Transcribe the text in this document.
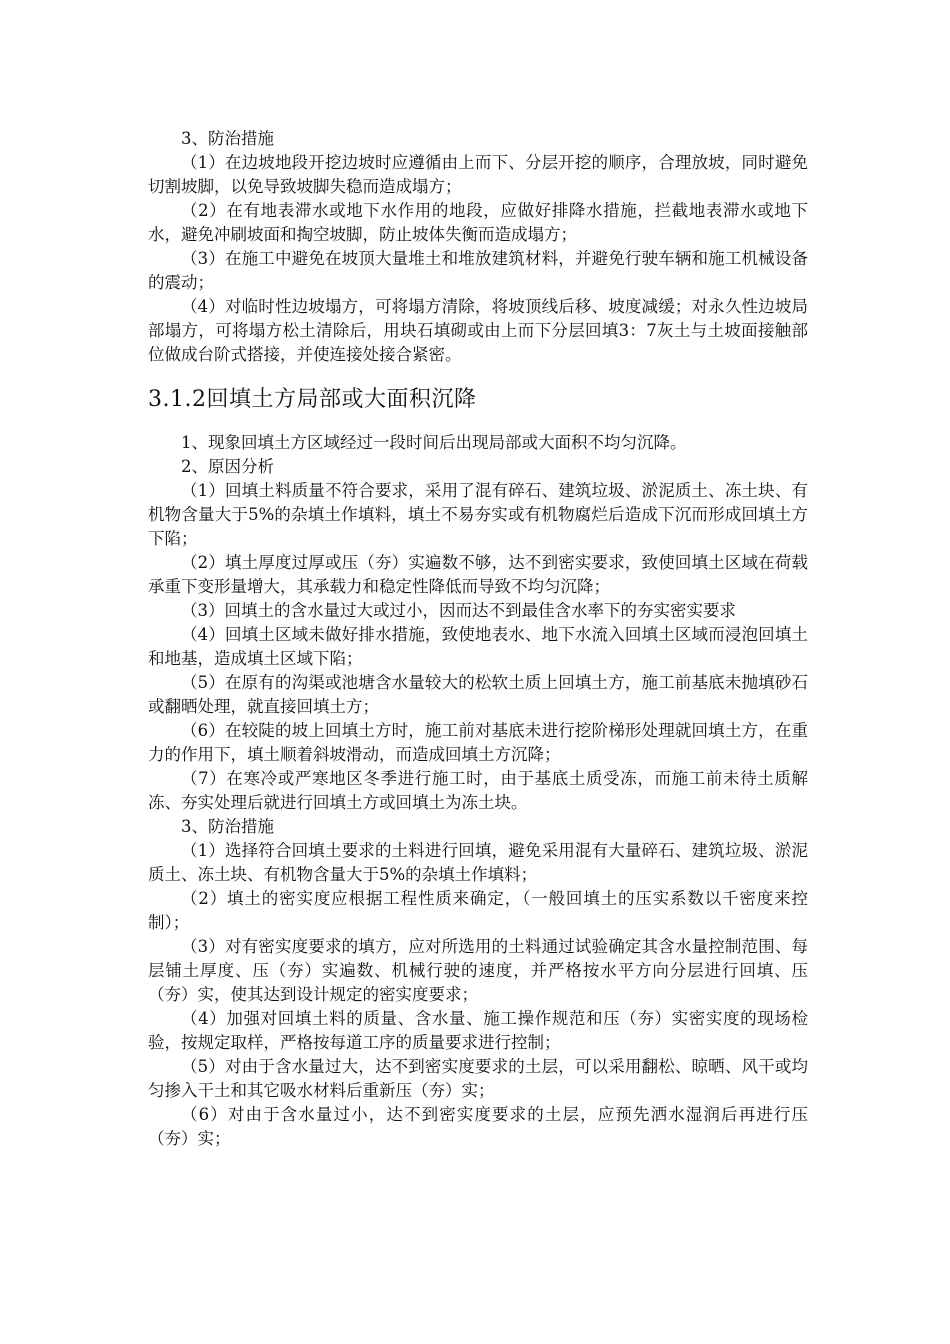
3、防治措施

（1）在边坡地段开挖边坡时应遵循由上而下、分层开挖的顺序，合理放坡，同时避免切割坡脚，以免导致坡脚失稳而造成塌方；

（2）在有地表滞水或地下水作用的地段，应做好排降水措施，拦截地表滞水或地下水，避免冲刷坡面和掏空坡脚，防止坡体失衡而造成塌方；

（3）在施工中避免在坡顶大量堆土和堆放建筑材料，并避免行驶车辆和施工机械设备的震动；

（4）对临时性边坡塌方，可将塌方清除，将坡顶线后移、坡度减缓；对永久性边坡局部塌方，可将塌方松土清除后，用块石填砌或由上而下分层回填3：7灰土与土坡面接触部位做成台阶式搭接，并使连接处接合紧密。

3.1.2回填土方局部或大面积沉降

1、现象回填土方区域经过一段时间后出现局部或大面积不均匀沉降。

2、原因分析

（1）回填土料质量不符合要求，采用了混有碎石、建筑垃圾、淤泥质土、冻土块、有机物含量大于5%的杂填土作填料，填土不易夯实或有机物腐烂后造成下沉而形成回填土方下陷；

（2）填土厚度过厚或压（夯）实遍数不够，达不到密实要求，致使回填土区域在荷载承重下变形量增大，其承载力和稳定性降低而导致不均匀沉降；

（3）回填土的含水量过大或过小，因而达不到最佳含水率下的夯实密实要求

（4）回填土区域未做好排水措施，致使地表水、地下水流入回填土区域而浸泡回填土和地基，造成填土区域下陷；

（5）在原有的沟渠或池塘含水量较大的松软土质上回填土方，施工前基底未抛填砂石或翻晒处理，就直接回填土方；

（6）在较陡的坡上回填土方时，施工前对基底未进行挖阶梯形处理就回填土方，在重力的作用下，填土顺着斜坡滑动，而造成回填土方沉降；

（7）在寒冷或严寒地区冬季进行施工时，由于基底土质受冻，而施工前未待土质解冻、夯实处理后就进行回填土方或回填土为冻土块。

3、防治措施

（1）选择符合回填土要求的土料进行回填，避免采用混有大量碎石、建筑垃圾、淤泥质土、冻土块、有机物含量大于5%的杂填土作填料；

（2）填土的密实度应根据工程性质来确定，（一般回填土的压实系数以千密度来控制）；

（3）对有密实度要求的填方，应对所选用的土料通过试验确定其含水量控制范围、每层铺土厚度、压（夯）实遍数、机械行驶的速度，并严格按水平方向分层进行回填、压（夯）实，使其达到设计规定的密实度要求；

（4）加强对回填土料的质量、含水量、施工操作规范和压（夯）实密实度的现场检验，按规定取样，严格按每道工序的质量要求进行控制；

（5）对由于含水量过大，达不到密实度要求的土层，可以采用翻松、晾晒、风干或均匀掺入干土和其它吸水材料后重新压（夯）实；

（6）对由于含水量过小，达不到密实度要求的土层，应预先洒水湿润后再进行压（夯）实；
